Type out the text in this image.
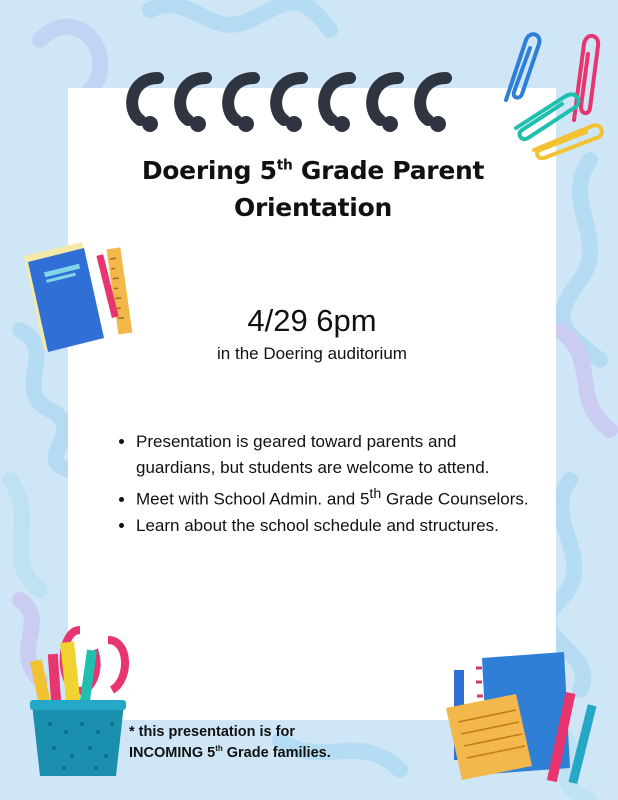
Doering 5th Grade Parent
Orientation
4/29 6pm
in the Doering auditorium
• Presentation is geared toward parents and guardians, but students are welcome to attend.
• Meet with School Admin. and 5th Grade Counselors.
• Learn about the school schedule and structures.
* this presentation is for
INCOMING 5th Grade families.
